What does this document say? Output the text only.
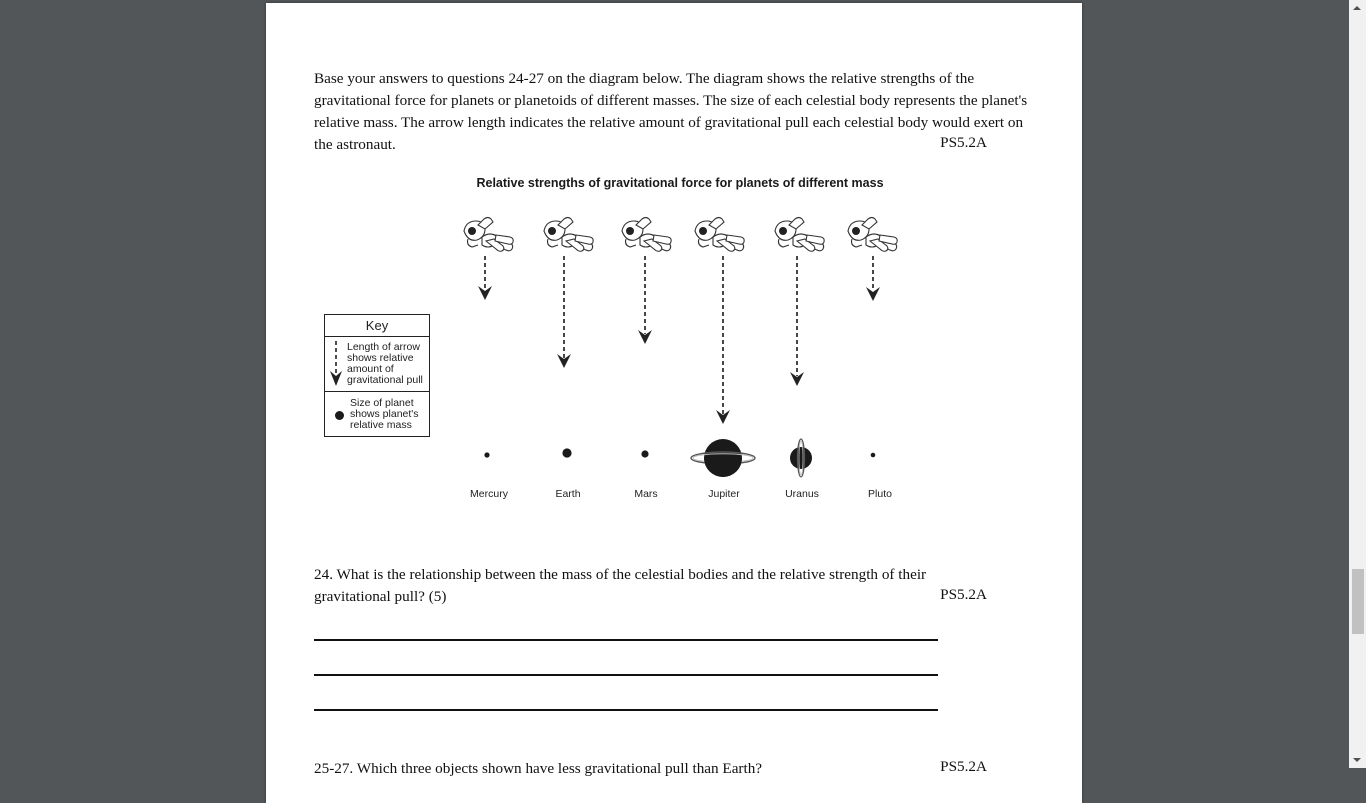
Base your answers to questions 24-27 on the diagram below. The diagram shows the relative strengths of the gravitational force for planets or planetoids of different masses. The size of each celestial body represents the planet's relative mass. The arrow length indicates the relative amount of gravitational pull each celestial body would exert on the astronaut.	PS5.2A
Relative strengths of gravitational force for planets of different mass
Key
Length of arrow shows relative amount of gravitational pull
Size of planet shows planet's relative mass
Mercury	Earth	Mars	Jupiter	Uranus	Pluto
24. What is the relationship between the mass of the celestial bodies and the relative strength of their gravitational pull? (5)	PS5.2A
25-27. Which three objects shown have less gravitational pull than Earth?	PS5.2A
